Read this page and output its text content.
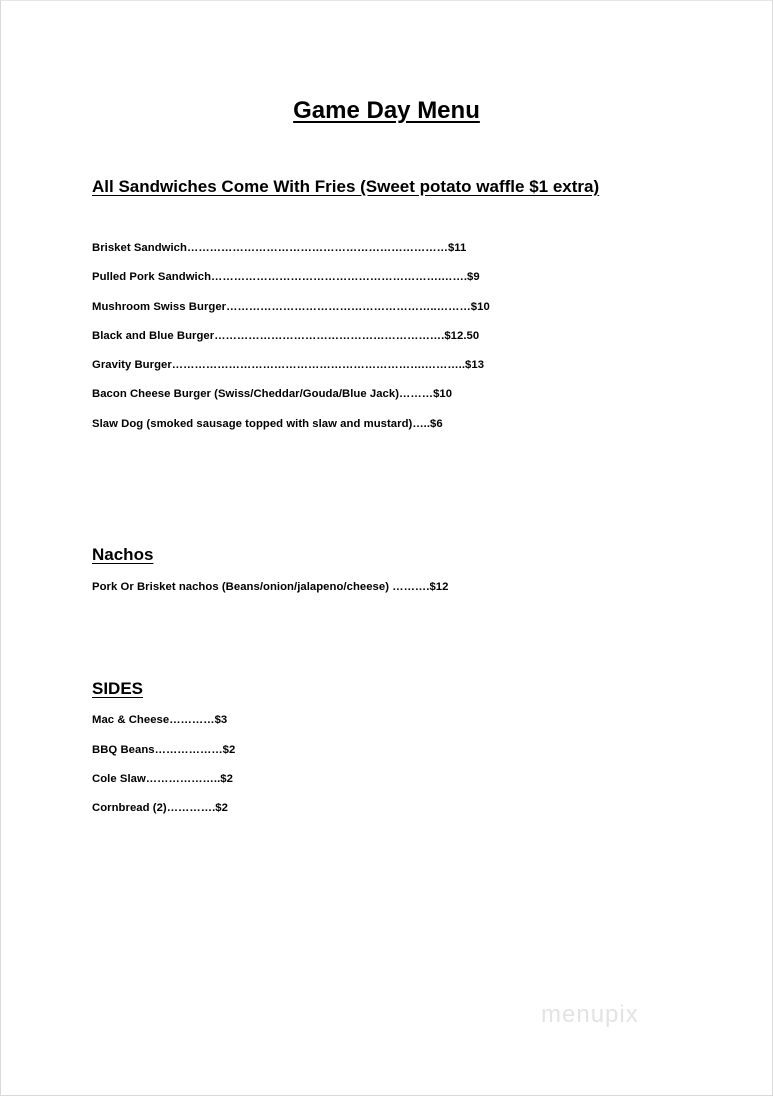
Game Day Menu
All Sandwiches Come With Fries (Sweet potato waffle $1 extra)

Brisket Sandwich……………………………………………………………$11

Pulled Pork Sandwich…………………………………………………….…….$9

Mushroom Swiss Burger………………………………………………..………$10

Black and Blue Burger…………………………………………………….$12.50

Gravity Burger………………………………………………………….………..$13

Bacon Cheese Burger (Swiss/Cheddar/Gouda/Blue Jack)………$10

Slaw Dog (smoked sausage topped with slaw and mustard)…..$6

Nachos

Pork Or Brisket nachos (Beans/onion/jalapeno/cheese) ……….$12

SIDES

Mac & Cheese…………$3

BBQ Beans………………$2

Cole Slaw………………..$2

Cornbread (2)………….$2

menupix
